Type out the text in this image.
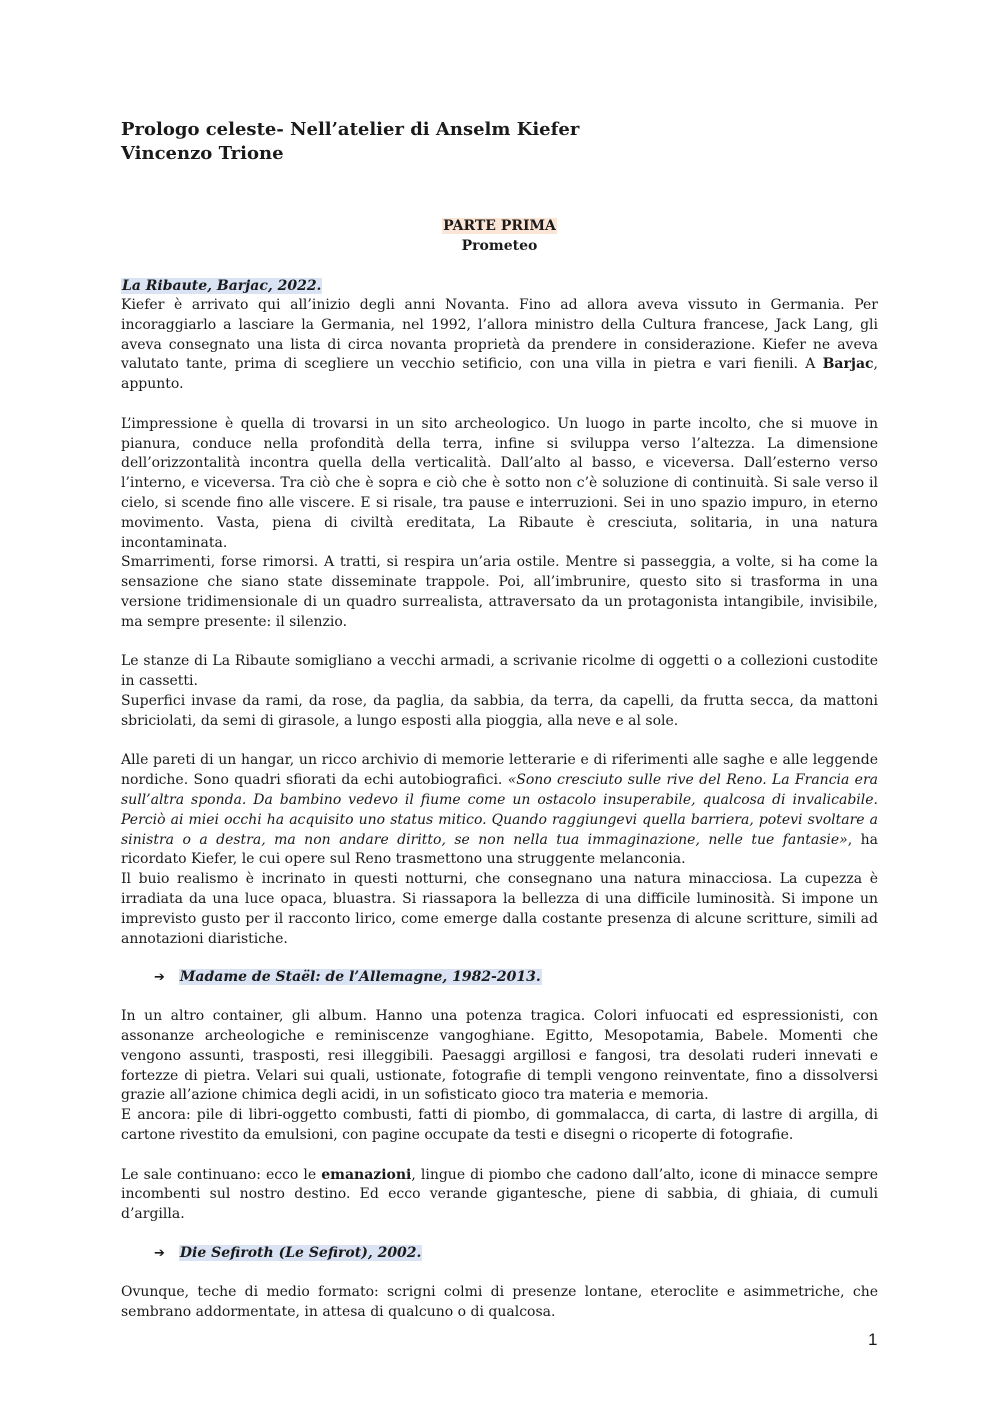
Prologo celeste- Nell’atelier di Anselm Kiefer
Vincenzo Trione
PARTE PRIMA
Prometeo
La Ribaute, Barjac, 2022.

Kiefer è arrivato qui all’inizio degli anni Novanta. Fino ad allora aveva vissuto in Germania. Per incoraggiarlo a lasciare la Germania, nel 1992, l’allora ministro della Cultura francese, Jack Lang, gli aveva consegnato una lista di circa novanta proprietà da prendere in considerazione. Kiefer ne aveva valutato tante, prima di scegliere un vecchio setificio, con una villa in pietra e vari fienili. A Barjac, appunto.

L’impressione è quella di trovarsi in un sito archeologico. Un luogo in parte incolto, che si muove in pianura, conduce nella profondità della terra, infine si sviluppa verso l’altezza. La dimensione dell’orizzontalità incontra quella della verticalità. Dall’alto al basso, e viceversa. Dall’esterno verso l’interno, e viceversa. Tra ciò che è sopra e ciò che è sotto non c’è soluzione di continuità. Si sale verso il cielo, si scende fino alle viscere. E si risale, tra pause e interruzioni. Sei in uno spazio impuro, in eterno movimento. Vasta, piena di civiltà ereditata, La Ribaute è cresciuta, solitaria, in una natura incontaminata.

Smarrimenti, forse rimorsi. A tratti, si respira un’aria ostile. Mentre si passeggia, a volte, si ha come la sensazione che siano state disseminate trappole. Poi, all’imbrunire, questo sito si trasforma in una versione tridimensionale di un quadro surrealista, attraversato da un protagonista intangibile, invisibile, ma sempre presente: il silenzio.

Le stanze di La Ribaute somigliano a vecchi armadi, a scrivanie ricolme di oggetti o a collezioni custodite in cassetti.

Superfici invase da rami, da rose, da paglia, da sabbia, da terra, da capelli, da frutta secca, da mattoni sbriciolati, da semi di girasole, a lungo esposti alla pioggia, alla neve e al sole.

Alle pareti di un hangar, un ricco archivio di memorie letterarie e di riferimenti alle saghe e alle leggende nordiche. Sono quadri sfiorati da echi autobiografici. «Sono cresciuto sulle rive del Reno. La Francia era sull’altra sponda. Da bambino vedevo il fiume come un ostacolo insuperabile, qualcosa di invalicabile. Perciò ai miei occhi ha acquisito uno status mitico. Quando raggiungevi quella barriera, potevi svoltare a sinistra o a destra, ma non andare diritto, se non nella tua immaginazione, nelle tue fantasie», ha ricordato Kiefer, le cui opere sul Reno trasmettono una struggente melanconia.

Il buio realismo è incrinato in questi notturni, che consegnano una natura minacciosa. La cupezza è irradiata da una luce opaca, bluastra. Si riassapora la bellezza di una difficile luminosità. Si impone un imprevisto gusto per il racconto lirico, come emerge dalla costante presenza di alcune scritture, simili ad annotazioni diaristiche.

➔ Madame de Staël: de l’Allemagne, 1982-2013.

In un altro container, gli album. Hanno una potenza tragica. Colori infuocati ed espressionisti, con assonanze archeologiche e reminiscenze vangoghiane. Egitto, Mesopotamia, Babele. Momenti che vengono assunti, trasposti, resi illeggibili. Paesaggi argillosi e fangosi, tra desolati ruderi innevati e fortezze di pietra. Velari sui quali, ustionate, fotografie di templi vengono reinventate, fino a dissolversi grazie all’azione chimica degli acidi, in un sofisticato gioco tra materia e memoria.

E ancora: pile di libri-oggetto combusti, fatti di piombo, di gommalacca, di carta, di lastre di argilla, di cartone rivestito da emulsioni, con pagine occupate da testi e disegni o ricoperte di fotografie.

Le sale continuano: ecco le emanazioni, lingue di piombo che cadono dall’alto, icone di minacce sempre incombenti sul nostro destino. Ed ecco verande gigantesche, piene di sabbia, di ghiaia, di cumuli d’argilla.

➔ Die Sefiroth (Le Sefirot), 2002.

Ovunque, teche di medio formato: scrigni colmi di presenze lontane, eteroclite e asimmetriche, che sembrano addormentate, in attesa di qualcuno o di qualcosa.

1
